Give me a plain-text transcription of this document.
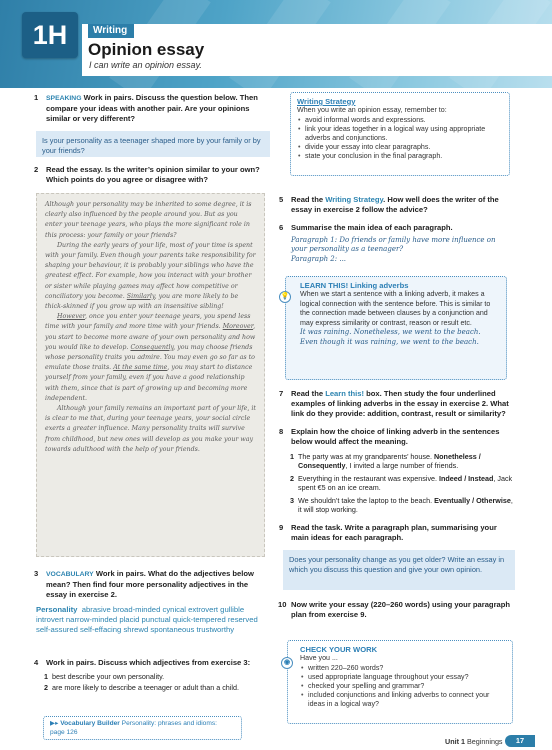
1H	Writing
Opinion essay
I can write an opinion essay.
1 SPEAKING Work in pairs. Discuss the question below. Then compare your ideas with another pair. Are your opinions similar or very different?
Is your personality as a teenager shaped more by your family or by your friends?
2 Read the essay. Is the writer’s opinion similar to your own? Which points do you agree or disagree with?

Although your personality may be inherited to some degree, it is clearly also influenced by the people around you. But as you enter your teenage years, who plays the more significant role in this process: your family or your friends?

During the early years of your life, most of your time is spent with your family. Even though your parents take responsibility for shaping your behaviour, it is probably your siblings who have the greatest effect. For example, how you interact with your brother or sister while playing games may affect how competitive or conciliatory you become. Similarly, you are more likely to be thick-skinned if you grow up with an insensitive sibling!

However, once you enter your teenage years, you spend less time with your family and more time with your friends. Moreover, you start to become more aware of your own personality and how you would like to develop. Consequently, you may choose friends whose personality traits you admire. You may even go so far as to emulate those traits. At the same time, you may start to distance yourself from your family, even if you have a good relationship with them, since that is part of growing up and becoming more independent.

Although your family remains an important part of your life, it is clear to me that, during your teenage years, your social circle exerts a greater influence. Many personality traits will survive from childhood, but new ones will develop as you make your way towards adulthood with the help of your friends.

3 VOCABULARY Work in pairs. What do the adjectives below mean? Then find four more personality adjectives in the essay in exercise 2.
Personality abrasive broad-minded cynical extrovert gullible introvert narrow-minded placid punctual quick-tempered reserved self-assured self-effacing shrewd spontaneous trustworthy
4 Work in pairs. Discuss which adjectives from exercise 3:
1 best describe your own personality.
2 are more likely to describe a teenager or adult than a child.
▶▸ Vocabulary Builder Personality: phrases and idioms:
page 126
Writing Strategy
When you write an opinion essay, remember to:
• avoid informal words and expressions.
• link your ideas together in a logical way using appropriate adverbs and conjunctions.
• divide your essay into clear paragraphs.
• state your conclusion in the final paragraph.
5 Read the Writing Strategy. How well does the writer of the essay in exercise 2 follow the advice?
6 Summarise the main idea of each paragraph.
Paragraph 1: Do friends or family have more influence on your personality as a teenager?
Paragraph 2: ...
💡
LEARN THIS! Linking adverbs
When we start a sentence with a linking adverb, it makes a logical connection with the sentence before. This is similar to the connection made between clauses by a conjunction and may express similarity or contrast, reason or result etc.
It was raining. Nonetheless, we went to the beach.
Even though it was raining, we went to the beach.
7 Read the Learn this! box. Then study the four underlined examples of linking adverbs in the essay in exercise 2. What link do they provide: addition, contrast, result or similarity?
8 Explain how the choice of linking adverb in the sentences below would affect the meaning.
1 The party was at my grandparents’ house. Nonetheless / Consequently, I invited a large number of friends.
2 Everything in the restaurant was expensive. Indeed / Instead, Jack spent €5 on an ice cream.
3 We shouldn’t take the laptop to the beach. Eventually / Otherwise, it will stop working.
9 Read the task. Write a paragraph plan, summarising your main ideas for each paragraph.
Does your personality change as you get older? Write an essay in which you discuss this question and give your own opinion.
10 Now write your essay (220–260 words) using your paragraph plan from exercise 9.
◉
CHECK YOUR WORK
Have you ...
• written 220–260 words?
• used appropriate language throughout your essay?
• checked your spelling and grammar?
• included conjunctions and linking adverbs to connect your ideas in a logical way?
Unit 1 Beginnings	17
